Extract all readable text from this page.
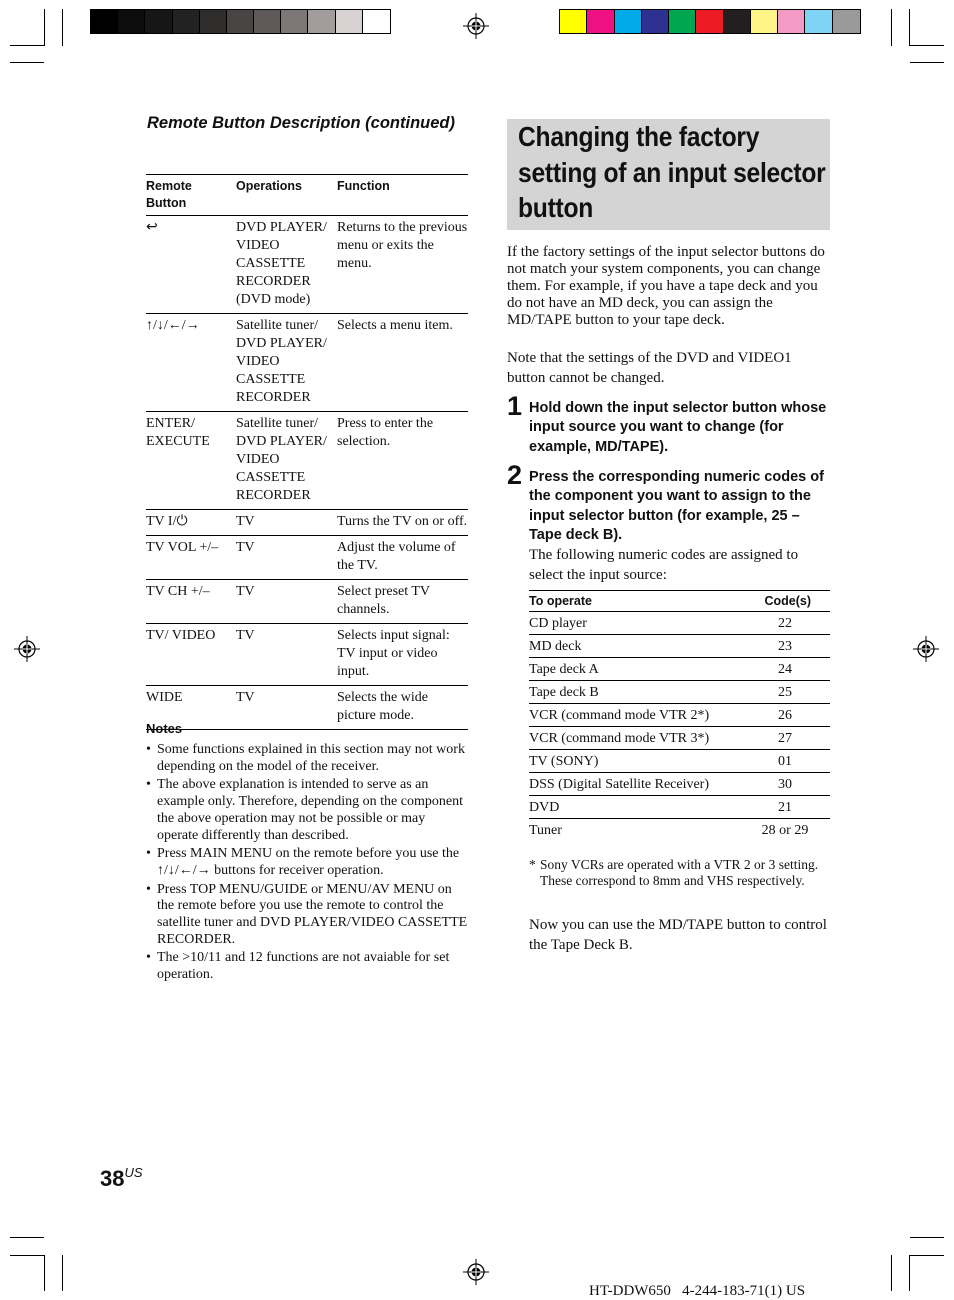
Remote Button Description (continued)
Remote Button	Operations	Function
↩	DVD PLAYER/ VIDEO CASSETTE RECORDER (DVD mode)	Returns to the previous menu or exits the menu.
↑/↓/←/→	Satellite tuner/ DVD PLAYER/ VIDEO CASSETTE RECORDER	Selects a menu item.
ENTER/ EXECUTE	Satellite tuner/ DVD PLAYER/ VIDEO CASSETTE RECORDER	Press to enter the selection.
TV I/⏻	TV	Turns the TV on or off.
TV VOL +/–	TV	Adjust the volume of the TV.
TV CH +/–	TV	Select preset TV channels.
TV/ VIDEO	TV	Selects input signal: TV input or video input.
WIDE	TV	Selects the wide picture mode.
Notes
• Some functions explained in this section may not work depending on the model of the receiver.
• The above explanation is intended to serve as an example only. Therefore, depending on the component the above operation may not be possible or may operate differently than described.
• Press MAIN MENU on the remote before you use the ↑/↓/←/→ buttons for receiver operation.
• Press TOP MENU/GUIDE or MENU/AV MENU on the remote before you use the remote to control the satellite tuner and DVD PLAYER/VIDEO CASSETTE RECORDER.
• The >10/11 and 12 functions are not avaiable for set operation.
Changing the factory setting of an input selector button
If the factory settings of the input selector buttons do not match your system components, you can change them. For example, if you have a tape deck and you do not have an MD deck, you can assign the MD/TAPE button to your tape deck.
Note that the settings of the DVD and VIDEO1 button cannot be changed.
1 Hold down the input selector button whose input source you want to change (for example, MD/TAPE).
2 Press the corresponding numeric codes of the component you want to assign to the input selector button (for example, 25 – Tape deck B).
The following numeric codes are assigned to select the input source:
To operate	Code(s)
CD player	22
MD deck	23
Tape deck A	24
Tape deck B	25
VCR (command mode VTR 2*)	26
VCR (command mode VTR 3*)	27
TV (SONY)	01
DSS (Digital Satellite Receiver)	30
DVD	21
Tuner	28 or 29
* Sony VCRs are operated with a VTR 2 or 3 setting. These correspond to 8mm and VHS respectively.
Now you can use the MD/TAPE button to control the Tape Deck B.
$38^{US}$
HT-DDW650   4-244-183-71(1) US
